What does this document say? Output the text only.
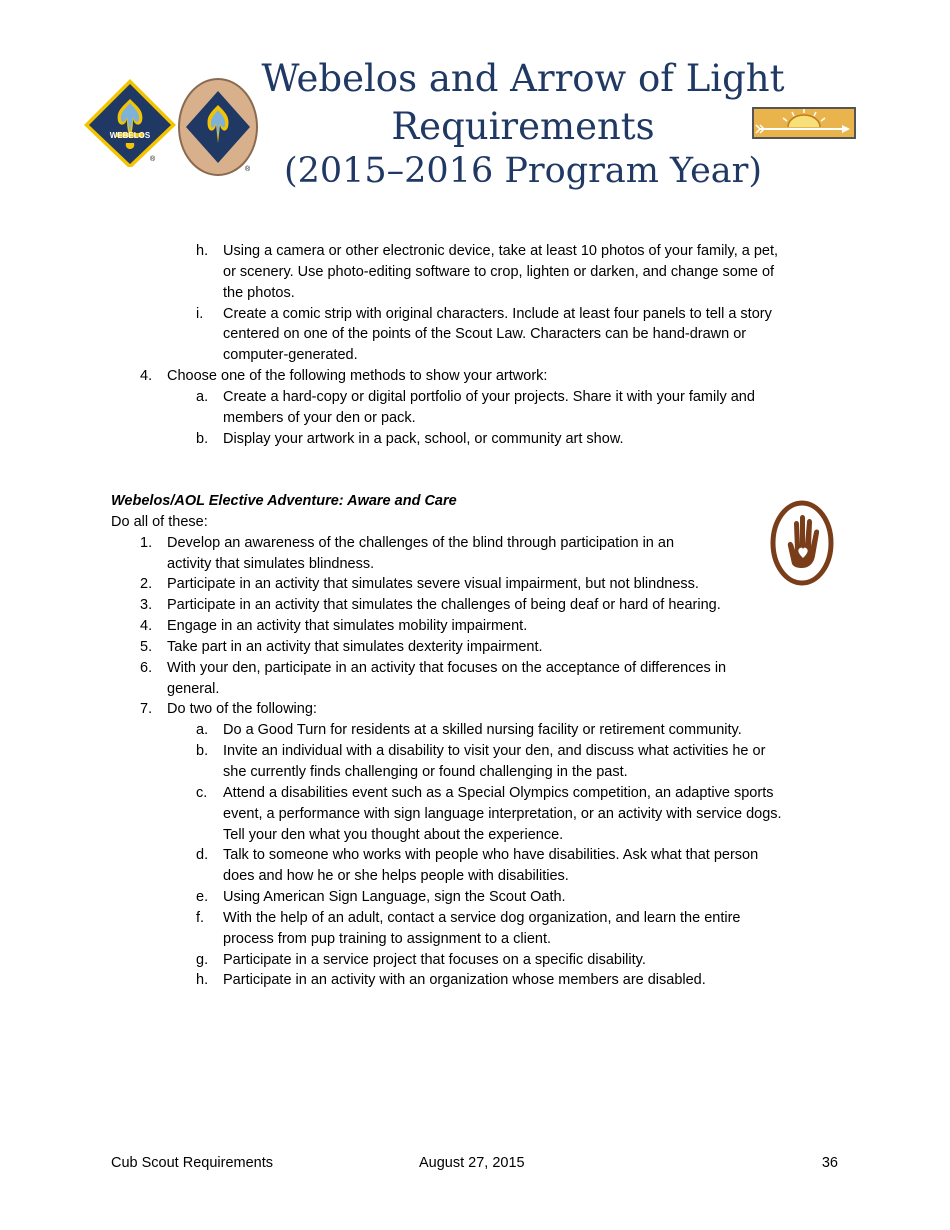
WEBELOS
®
®
Webelos and Arrow of Light
Requirements
(2015–2016 Program Year)
h. Using a camera or other electronic device, take at least 10 photos of your family, a pet,
or scenery. Use photo-editing software to crop, lighten or darken, and change some of
the photos.
i. Create a comic strip with original characters. Include at least four panels to tell a story
centered on one of the points of the Scout Law. Characters can be hand-drawn or
computer-generated.
4. Choose one of the following methods to show your artwork:
a. Create a hard-copy or digital portfolio of your projects. Share it with your family and
members of your den or pack.
b. Display your artwork in a pack, school, or community art show.
Webelos/AOL Elective Adventure: Aware and Care
Do all of these:
1. Develop an awareness of the challenges of the blind through participation in an
activity that simulates blindness.
2. Participate in an activity that simulates severe visual impairment, but not blindness.
3. Participate in an activity that simulates the challenges of being deaf or hard of hearing.
4. Engage in an activity that simulates mobility impairment.
5. Take part in an activity that simulates dexterity impairment.
6. With your den, participate in an activity that focuses on the acceptance of differences in
general.
7. Do two of the following:
a. Do a Good Turn for residents at a skilled nursing facility or retirement community.
b. Invite an individual with a disability to visit your den, and discuss what activities he or
she currently finds challenging or found challenging in the past.
c. Attend a disabilities event such as a Special Olympics competition, an adaptive sports
event, a performance with sign language interpretation, or an activity with service dogs.
Tell your den what you thought about the experience.
d. Talk to someone who works with people who have disabilities. Ask what that person
does and how he or she helps people with disabilities.
e. Using American Sign Language, sign the Scout Oath.
f. With the help of an adult, contact a service dog organization, and learn the entire
process from pup training to assignment to a client.
g. Participate in a service project that focuses on a specific disability.
h. Participate in an activity with an organization whose members are disabled.
Cub Scout Requirements	August 27, 2015	36
